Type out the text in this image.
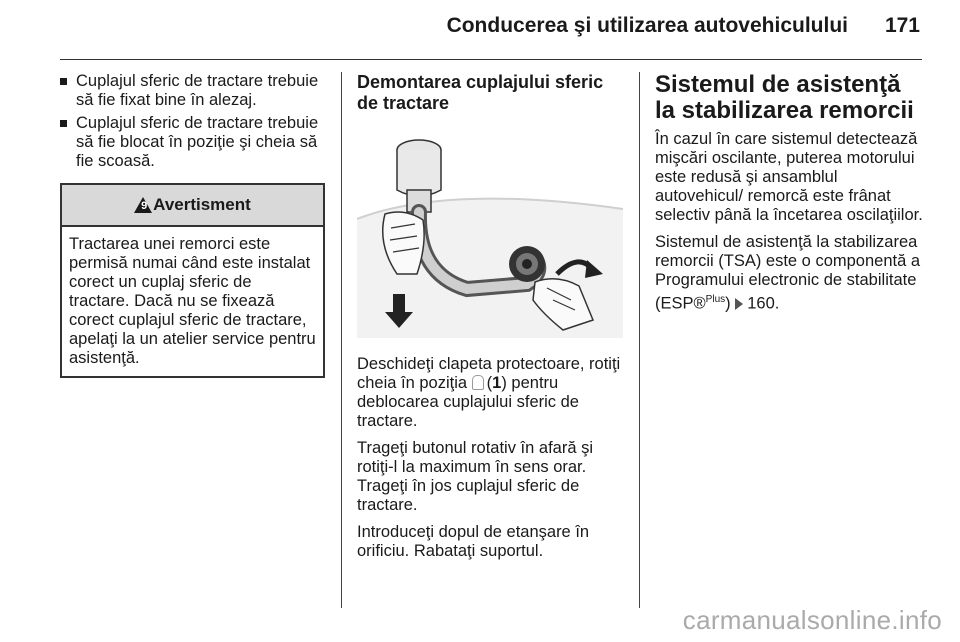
Conducerea şi utilizarea autovehiculului 171
Cuplajul sferic de tractare trebuie să fie fixat bine în alezaj.
Cuplajul sferic de tractare trebuie să fie blocat în poziţie şi cheia să fie scoasă.
9 Avertisment
Tractarea unei remorci este permisă numai când este instalat corect un cuplaj sferic de tractare. Dacă nu se fixează corect cuplajul sferic de tractare, apelaţi la un atelier service pentru asistenţă.
Demontarea cuplajului sferic de tractare

Deschideţi clapeta protectoare, rotiţi cheia în poziţia (1) pentru deblocarea cuplajului sferic de tractare.

Trageţi butonul rotativ în afară şi rotiţi-l la maximum în sens orar. Trageţi în jos cuplajul sferic de tractare.

Introduceţi dopul de etanşare în orificiu. Rabataţi suportul.

Sistemul de asistenţă la stabilizarea remorcii

În cazul în care sistemul detectează mişcări oscilante, puterea motorului este redusă şi ansamblul autovehicul/ remorcă este frânat selectiv până la încetarea oscilaţiilor.

Sistemul de asistenţă la stabilizarea remorcii (TSA) este o componentă a Programului electronic de stabilitate (ESP®$^{Plus}$) 160.

carmanualsonline.info
